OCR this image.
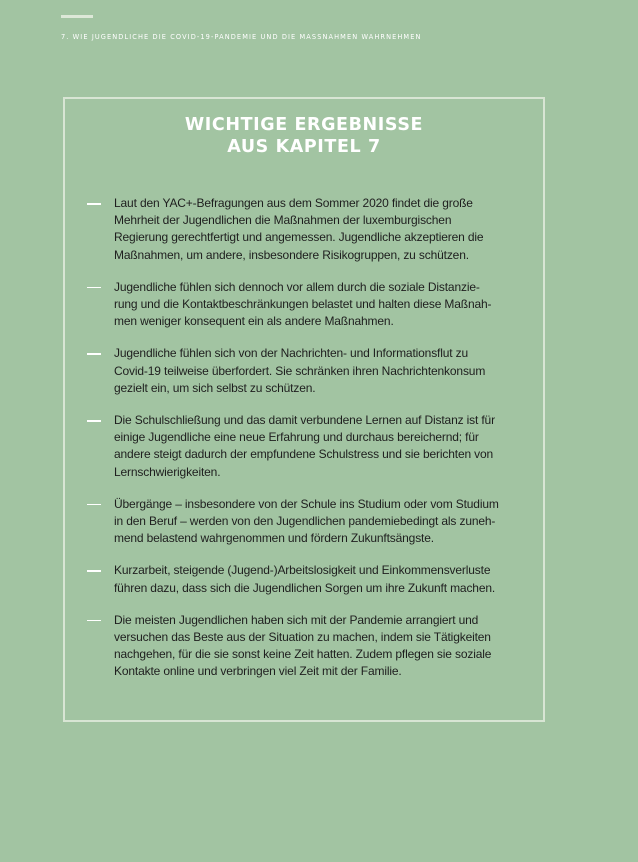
7. WIE JUGENDLICHE DIE COVID-19-PANDEMIE UND DIE MASSNAHMEN WAHRNEHMEN
WICHTIGE ERGEBNISSE
AUS KAPITEL 7
Laut den YAC+-Befragungen aus dem Sommer 2020 findet die große
Mehrheit der Jugendlichen die Maßnahmen der luxemburgischen
Regierung gerechtfertigt und angemessen. Jugendliche akzeptieren die
Maßnahmen, um andere, insbesondere Risikogruppen, zu schützen.
Jugendliche fühlen sich dennoch vor allem durch die soziale Distanzie-
rung und die Kontaktbeschränkungen belastet und halten diese Maßnah-
men weniger konsequent ein als andere Maßnahmen.
Jugendliche fühlen sich von der Nachrichten- und Informationsflut zu
Covid-19 teilweise überfordert. Sie schränken ihren Nachrichtenkonsum
gezielt ein, um sich selbst zu schützen.
Die Schulschließung und das damit verbundene Lernen auf Distanz ist für
einige Jugendliche eine neue Erfahrung und durchaus bereichernd; für
andere steigt dadurch der empfundene Schulstress und sie berichten von
Lernschwierigkeiten.
Übergänge – insbesondere von der Schule ins Studium oder vom Studium
in den Beruf – werden von den Jugendlichen pandemiebedingt als zuneh-
mend belastend wahrgenommen und fördern Zukunftsängste.
Kurzarbeit, steigende (Jugend-)Arbeitslosigkeit und Einkommensverluste
führen dazu, dass sich die Jugendlichen Sorgen um ihre Zukunft machen.
Die meisten Jugendlichen haben sich mit der Pandemie arrangiert und
versuchen das Beste aus der Situation zu machen, indem sie Tätigkeiten
nachgehen, für die sie sonst keine Zeit hatten. Zudem pflegen sie soziale
Kontakte online und verbringen viel Zeit mit der Familie.
